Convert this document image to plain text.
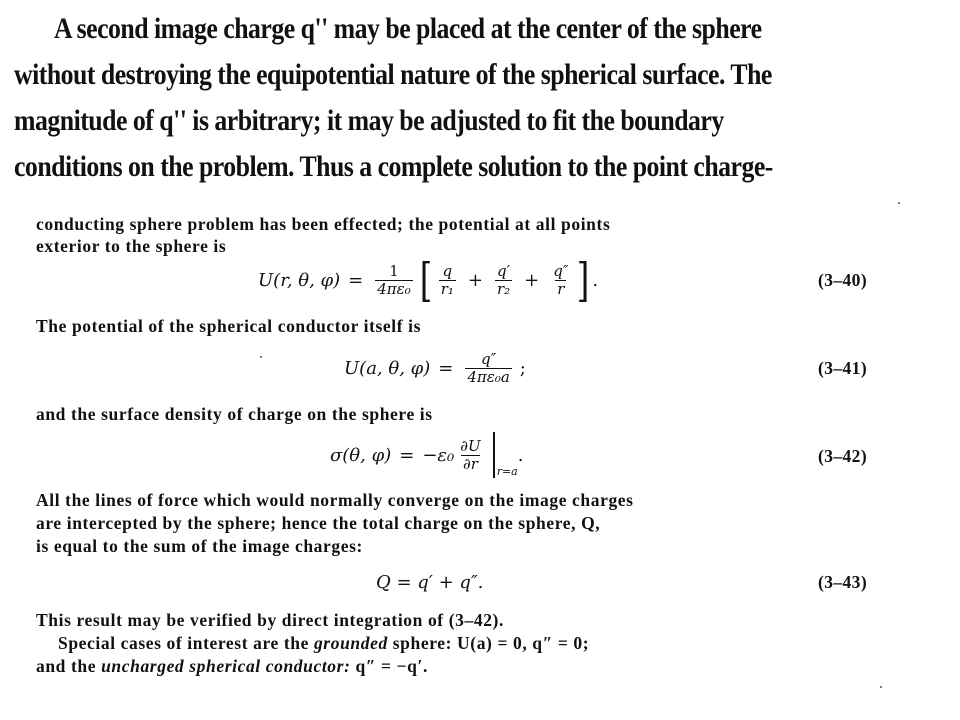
A second image charge q'' may be placed at the center of the sphere
without destroying the equipotential nature of the spherical surface. The
magnitude of q'' is arbitrary; it may be adjusted to fit the boundary
conditions on the problem. Thus a complete solution to the point charge-
conducting sphere problem has been effected; the potential at all points
exterior to the sphere is
U(r, θ, $\varphi) = \frac{1}{\text{4πε₀}}$ [ $\frac{q}{\text{r₁}} + \frac{q'}{\text{r₂}} + \frac{q''}{r}$ ] .	(3–40)
The potential of the spherical conductor itself is
U(a, θ, $\varphi) = \frac{q''}{\text{4πε₀a}}$ ;	(3–41)
and the surface density of charge on the sphere is
σ(θ, $\varphi) = -\varepsilon_0 \frac{\partial U}{\partial r} r=a$
.	(3–42)
All the lines of force which would normally converge on the image charges
are intercepted by the sphere; hence the total charge on the sphere, Q,
is equal to the sum of the image charges:
Q = q′ + q″.	(3–43)
This result may be verified by direct integration of (3–42).
Special cases of interest are the grounded sphere: U(a) = 0, q″ = 0;
and the uncharged spherical conductor: q″ = −q′.
